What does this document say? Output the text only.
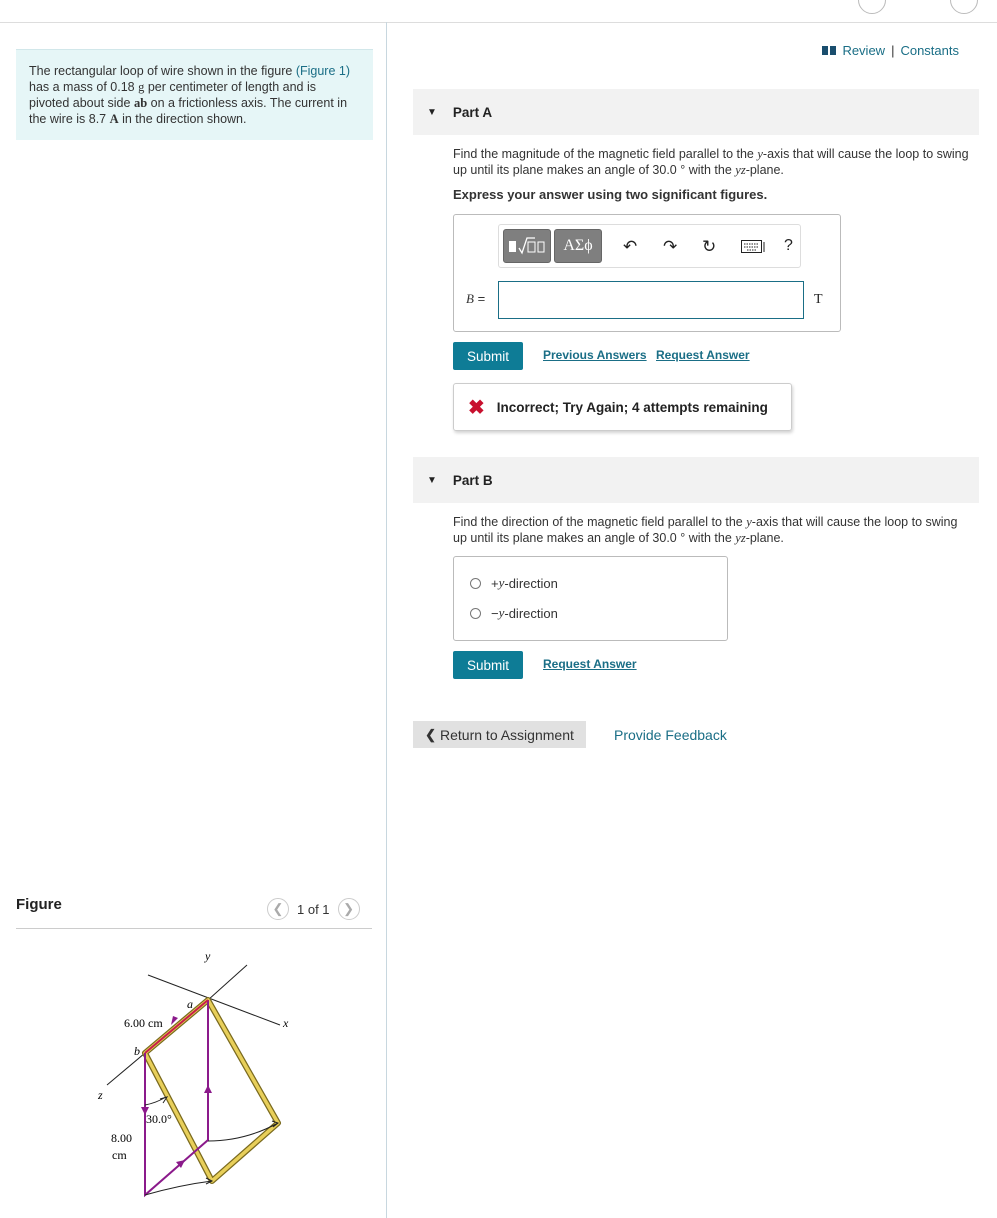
The rectangular loop of wire shown in the figure (Figure 1) has a mass of 0.18 g per centimeter of length and is pivoted about side ab on a frictionless axis. The current in the wire is 8.7 A in the direction shown.
Figure	❮	1 of 1	❯
y
x
z
a
b
6.00 cm
30.0°
8.00
cm
Review | Constants
▼ Part A
Find the magnitude of the magnetic field parallel to the y-axis that will cause the loop to swing up until its plane makes an angle of 30.0 ° with the yz-plane.
Express your answer using two significant figures.
ΑΣϕ	↶ ↷ ↻	?
B =	T
Submit	Previous Answers Request Answer
✖ Incorrect; Try Again; 4 attempts remaining
▼ Part B
Find the direction of the magnetic field parallel to the y-axis that will cause the loop to swing up until its plane makes an angle of 30.0 ° with the yz-plane.
+ y -direction
− y -direction
Submit	Request Answer
❮ Return to Assignment	Provide Feedback
